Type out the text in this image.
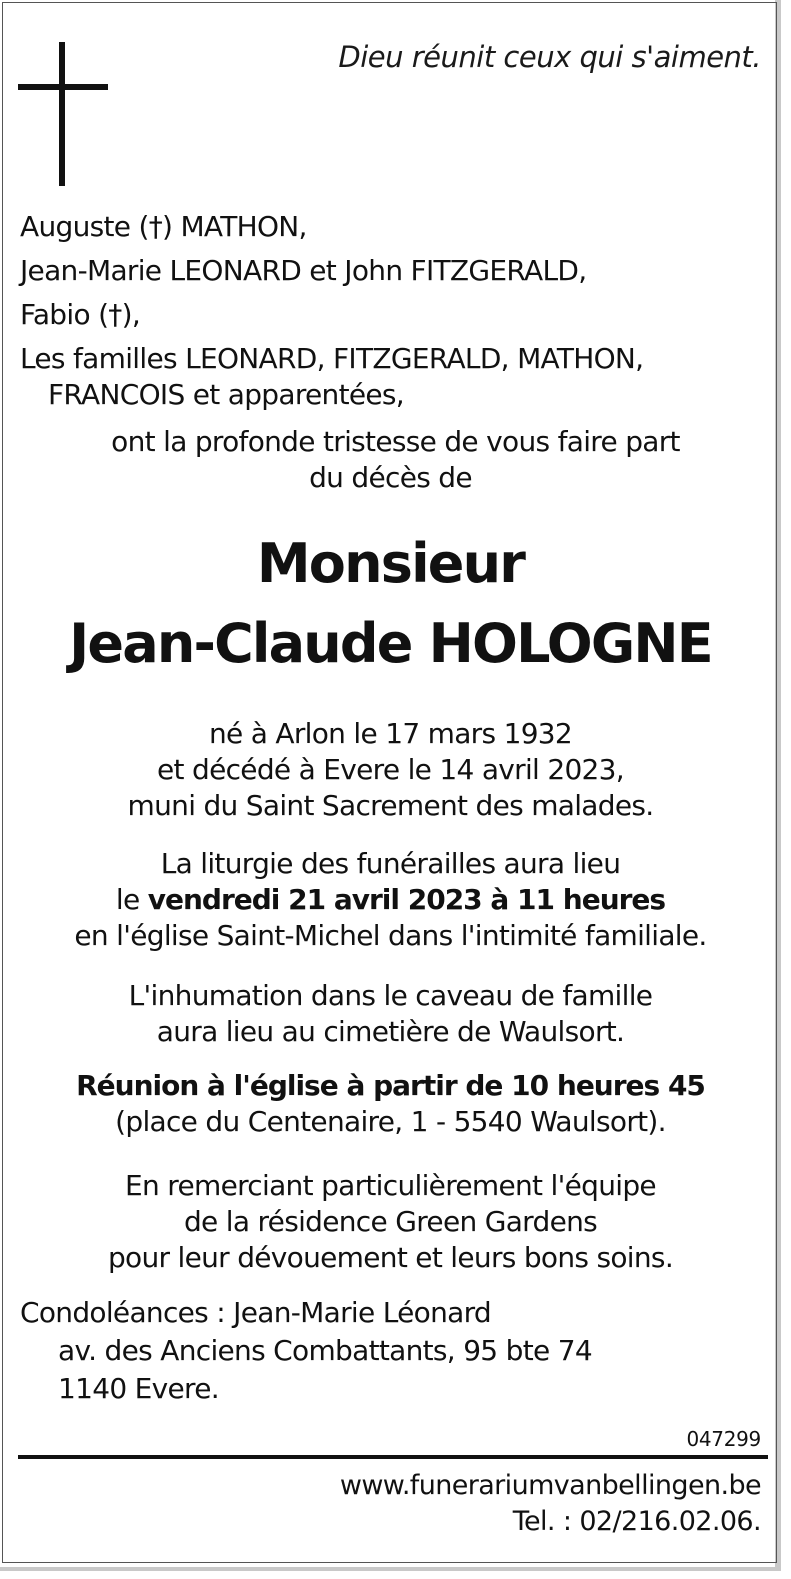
Dieu réunit ceux qui s'aiment.
Auguste (†) MATHON,
Jean-Marie LEONARD et John FITZGERALD,
Fabio (†),
Les familles LEONARD, FITZGERALD, MATHON,
FRANCOIS et apparentées,
ont la profonde tristesse de vous faire part
du décès de
Monsieur
Jean-Claude HOLOGNE
né à Arlon le 17 mars 1932
et décédé à Evere le 14 avril 2023,
muni du Saint Sacrement des malades.
La liturgie des funérailles aura lieu
le vendredi 21 avril 2023 à 11 heures
en l'église Saint-Michel dans l'intimité familiale.
L'inhumation dans le caveau de famille
aura lieu au cimetière de Waulsort.
Réunion à l'église à partir de 10 heures 45
(place du Centenaire, 1 - 5540 Waulsort).
En remerciant particulièrement l'équipe
de la résidence Green Gardens
pour leur dévouement et leurs bons soins.
Condoléances : Jean-Marie Léonard
av. des Anciens Combattants, 95 bte 74
1140 Evere.
047299
www.funerariumvanbellingen.be
Tel. : 02/216.02.06.
